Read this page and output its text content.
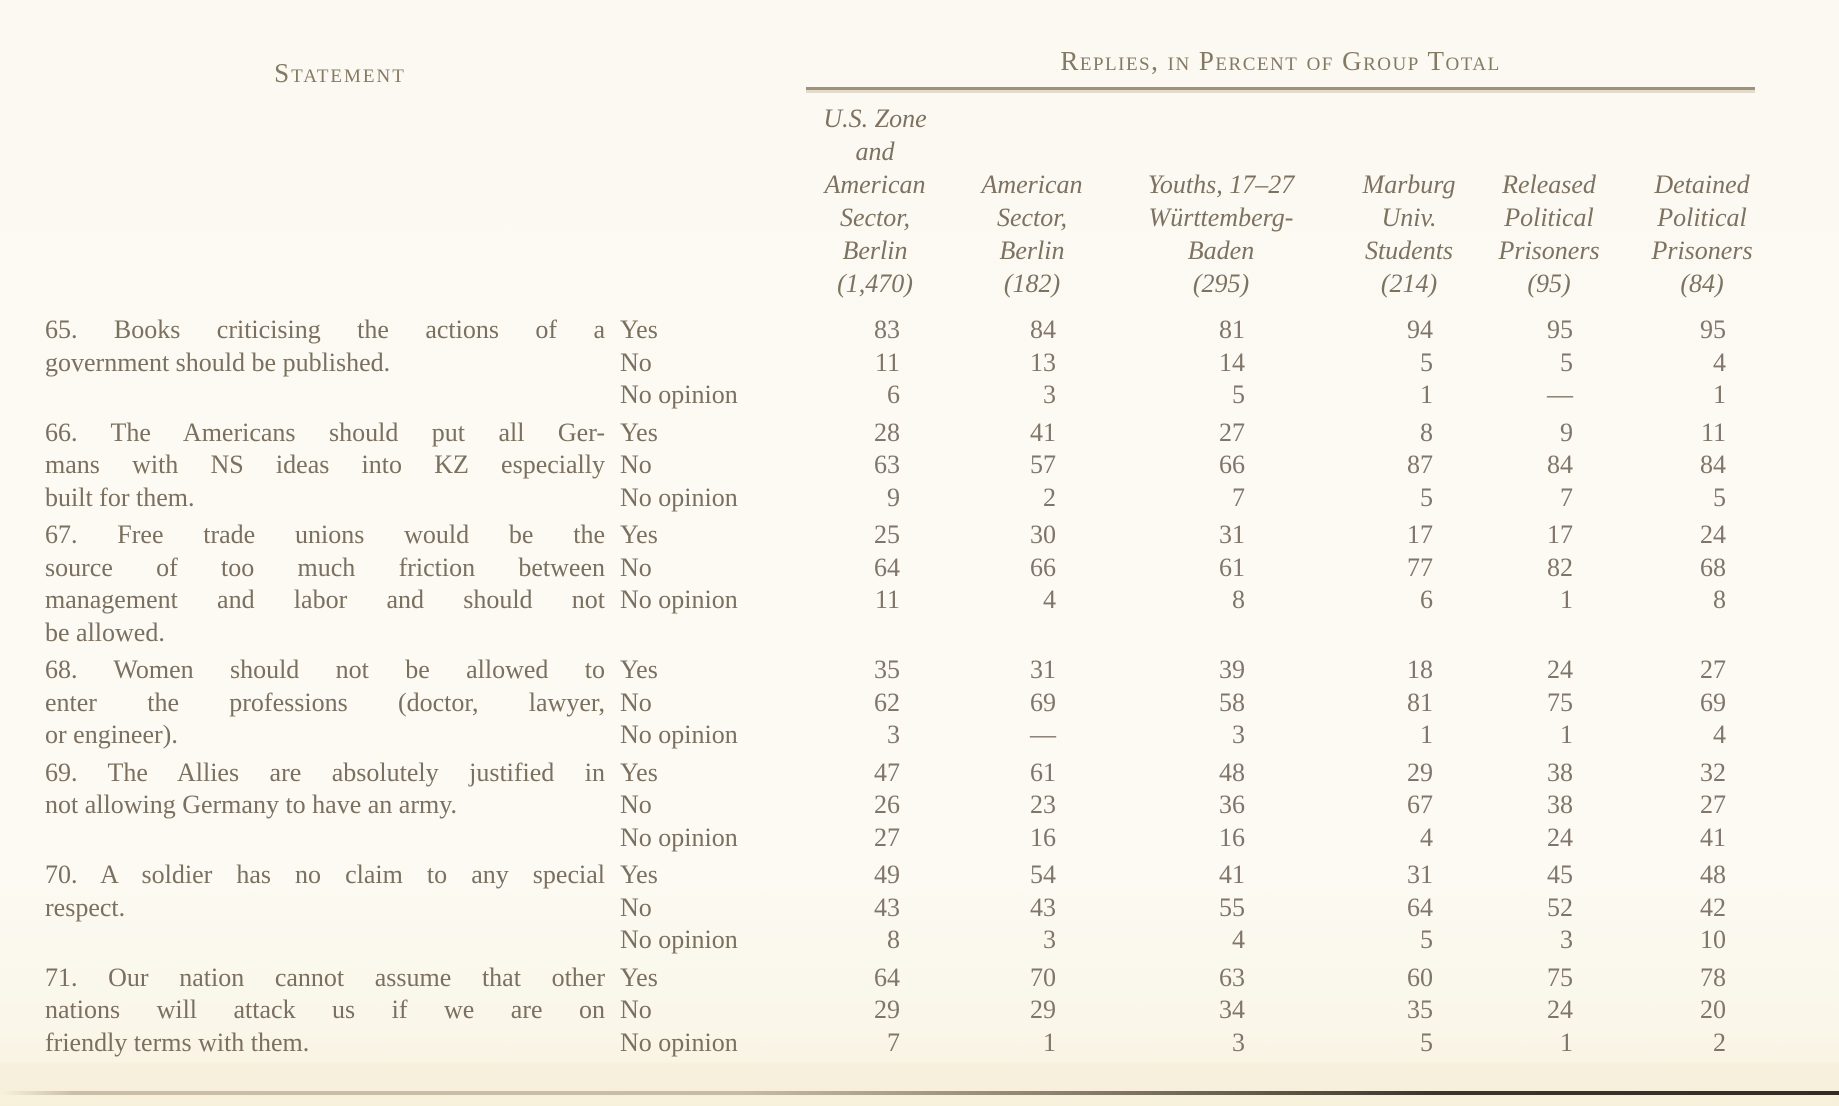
Statement	Replies, in Percent of Group Total
U.S. Zone
and
American
Sector,
Berlin
(1,470)
American
Sector,
Berlin
(182)
Youths, 17–27
Württemberg-
Baden
(295)
Marburg
Univ.
Students
(214)
Released
Political
Prisoners
(95)
Detained
Political
Prisoners
(84)
65. Books criticising the actions of a
government should be published.
Yes
No
No opinion
83
11
6
84
13
3
81
14
5
94
5
1
95
5
—
95
4
1
66. The Americans should put all Ger-
mans with NS ideas into KZ especially
built for them.
Yes
No
No opinion
28
63
9
41
57
2
27
66
7
8
87
5
9
84
7
11
84
5
67. Free trade unions would be the
source of too much friction between
management and labor and should not
be allowed.
Yes
No
No opinion
25
64
11
30
66
4
31
61
8
17
77
6
17
82
1
24
68
8
68. Women should not be allowed to
enter the professions (doctor, lawyer,
or engineer).
Yes
No
No opinion
35
62
3
31
69
—
39
58
3
18
81
1
24
75
1
27
69
4
69. The Allies are absolutely justified in
not allowing Germany to have an army.
Yes
No
No opinion
47
26
27
61
23
16
48
36
16
29
67
4
38
38
24
32
27
41
70. A soldier has no claim to any special
respect.
Yes
No
No opinion
49
43
8
54
43
3
41
55
4
31
64
5
45
52
3
48
42
10
71. Our nation cannot assume that other
nations will attack us if we are on
friendly terms with them.
Yes
No
No opinion
64
29
7
70
29
1
63
34
3
60
35
5
75
24
1
78
20
2
